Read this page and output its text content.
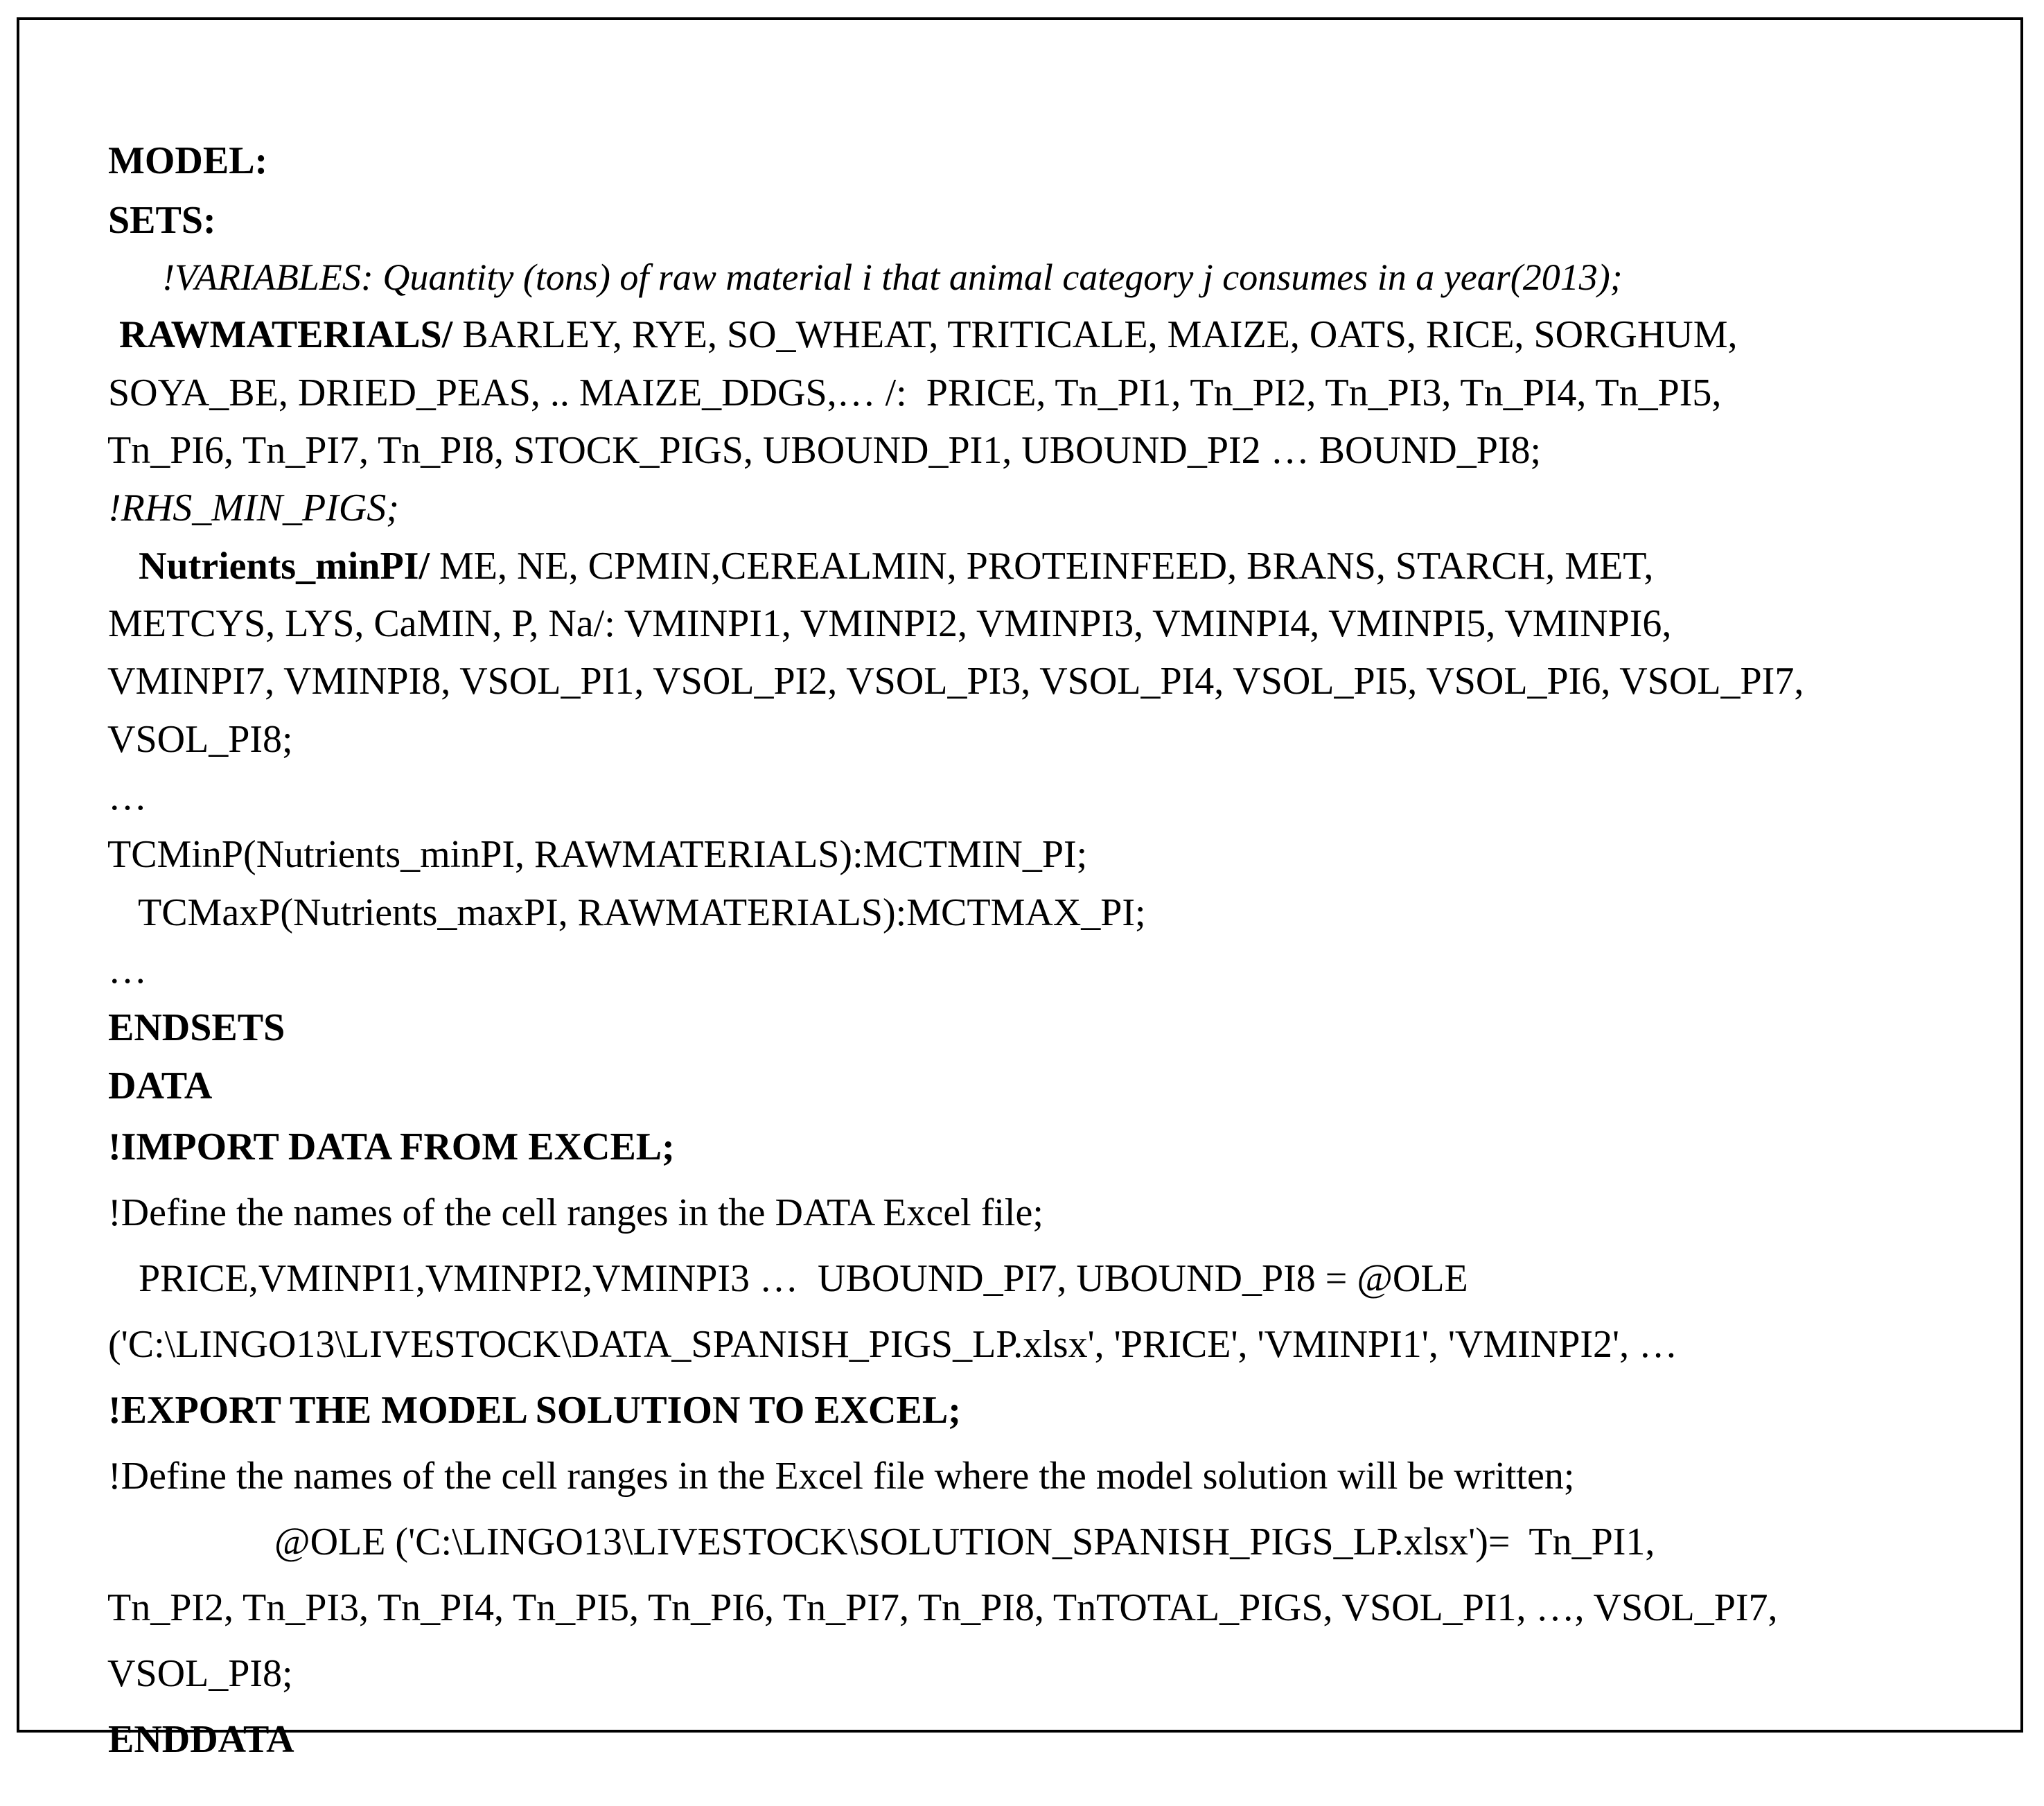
MODEL:

SETS:

!VARIABLES: Quantity (tons) of raw material i that animal category j consumes in a year(2013);

RAWMATERIALS/ BARLEY, RYE, SO_WHEAT, TRITICALE, MAIZE, OATS, RICE, SORGHUM,

SOYA_BE, DRIED_PEAS, .. MAIZE_DDGS,… /:  PRICE, Tn_PI1, Tn_PI2, Tn_PI3, Tn_PI4, Tn_PI5,

Tn_PI6, Tn_PI7, Tn_PI8, STOCK_PIGS, UBOUND_PI1, UBOUND_PI2 … BOUND_PI8;

!RHS_MIN_PIGS;

Nutrients_minPI/ ME, NE, CPMIN,CEREALMIN, PROTEINFEED, BRANS, STARCH, MET,

METCYS, LYS, CaMIN, P, Na/: VMINPI1, VMINPI2, VMINPI3, VMINPI4, VMINPI5, VMINPI6,

VMINPI7, VMINPI8, VSOL_PI1, VSOL_PI2, VSOL_PI3, VSOL_PI4, VSOL_PI5, VSOL_PI6, VSOL_PI7,

VSOL_PI8;

…

TCMinP(Nutrients_minPI, RAWMATERIALS):MCTMIN_PI;

TCMaxP(Nutrients_maxPI, RAWMATERIALS):MCTMAX_PI;

…

ENDSETS

DATA

!IMPORT DATA FROM EXCEL;

!Define the names of the cell ranges in the DATA Excel file;

PRICE,VMINPI1,VMINPI2,VMINPI3 …  UBOUND_PI7, UBOUND_PI8 = @OLE

('C:\LINGO13\LIVESTOCK\DATA_SPANISH_PIGS_LP.xlsx', 'PRICE', 'VMINPI1', 'VMINPI2', …

!EXPORT THE MODEL SOLUTION TO EXCEL;

!Define the names of the cell ranges in the Excel file where the model solution will be written;

@OLE ('C:\LINGO13\LIVESTOCK\SOLUTION_SPANISH_PIGS_LP.xlsx')=  Tn_PI1,

Tn_PI2, Tn_PI3, Tn_PI4, Tn_PI5, Tn_PI6, Tn_PI7, Tn_PI8, TnTOTAL_PIGS, VSOL_PI1, …, VSOL_PI7,

VSOL_PI8;

ENDDATA
